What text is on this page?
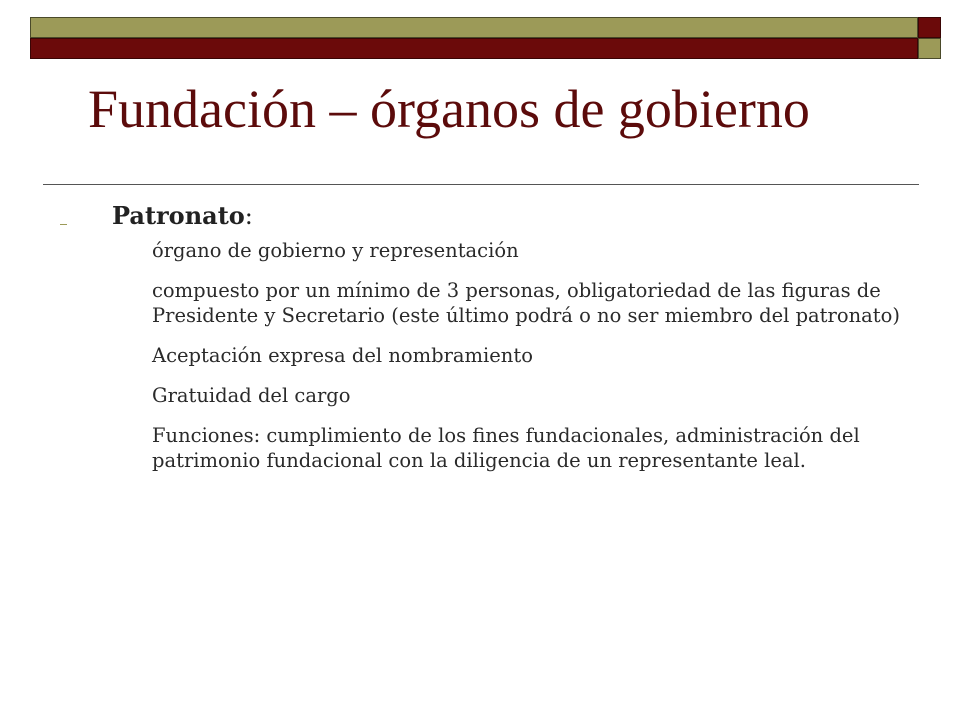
Fundación – órganos de gobierno
Patronato:
órgano de gobierno y representación
compuesto por un mínimo de 3 personas, obligatoriedad de las figuras de Presidente y Secretario (este último podrá o no ser miembro del patronato)
Aceptación expresa del nombramiento
Gratuidad del cargo
Funciones: cumplimiento de los fines fundacionales, administración del patrimonio fundacional con la diligencia de un representante leal.
